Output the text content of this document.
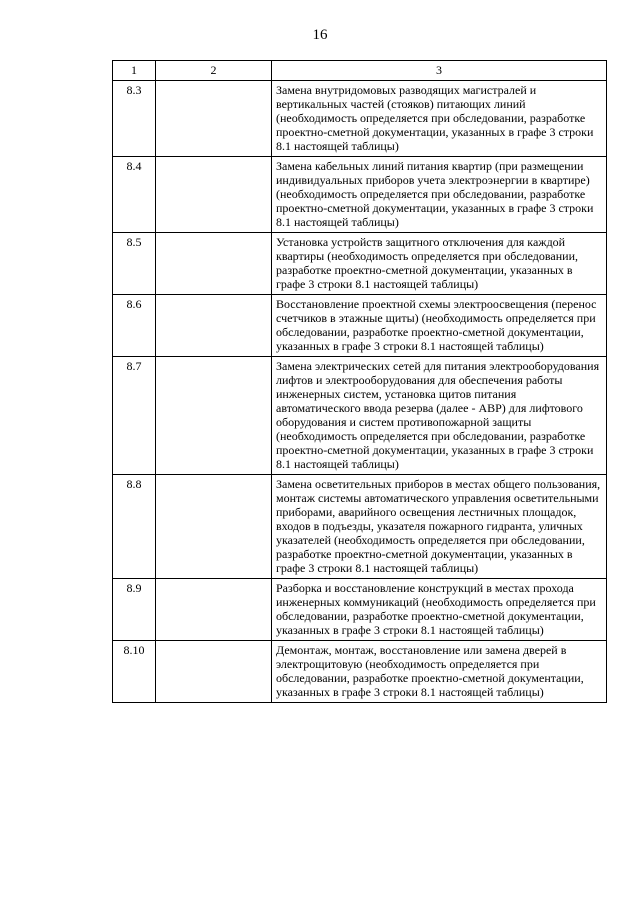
16
1	2	3
8.3		Замена внутридомовых разводящих магистралей и вертикальных частей (стояков) питающих линий (необходимость определяется при обследовании, разработке проектно-сметной документации, указанных в графе 3 строки 8.1 настоящей таблицы)
8.4		Замена кабельных линий питания квартир (при размещении индивидуальных приборов учета электроэнергии в квартире) (необходимость определяется при обследовании, разработке проектно-сметной документации, указанных в графе 3 строки 8.1 настоящей таблицы)
8.5		Установка устройств защитного отключения для каждой квартиры (необходимость определяется при обследовании, разработке проектно-сметной документации, указанных в графе 3 строки 8.1 настоящей таблицы)
8.6		Восстановление проектной схемы электроосвещения (перенос счетчиков в этажные щиты) (необходимость определяется при обследовании, разработке проектно-сметной документации, указанных в графе 3 строки 8.1 настоящей таблицы)
8.7		Замена электрических сетей для питания электрооборудования лифтов и электрооборудования для обеспечения работы инженерных систем, установка щитов питания автоматического ввода резерва (далее - АВР) для лифтового оборудования и систем противопожарной защиты (необходимость определяется при обследовании, разработке проектно-сметной документации, указанных в графе 3 строки 8.1 настоящей таблицы)
8.8		Замена осветительных приборов в местах общего пользования, монтаж системы автоматического управления осветительными приборами, аварийного освещения лестничных площадок, входов в подъезды, указателя пожарного гидранта, уличных указателей (необходимость определяется при обследовании, разработке проектно-сметной документации, указанных в графе 3 строки 8.1 настоящей таблицы)
8.9		Разборка и восстановление конструкций в местах прохода инженерных коммуникаций (необходимость определяется при обследовании, разработке проектно-сметной документации, указанных в графе 3 строки 8.1 настоящей таблицы)
8.10		Демонтаж, монтаж, восстановление или замена дверей в электрощитовую (необходимость определяется при обследовании, разработке проектно-сметной документации, указанных в графе 3 строки 8.1 настоящей таблицы)
